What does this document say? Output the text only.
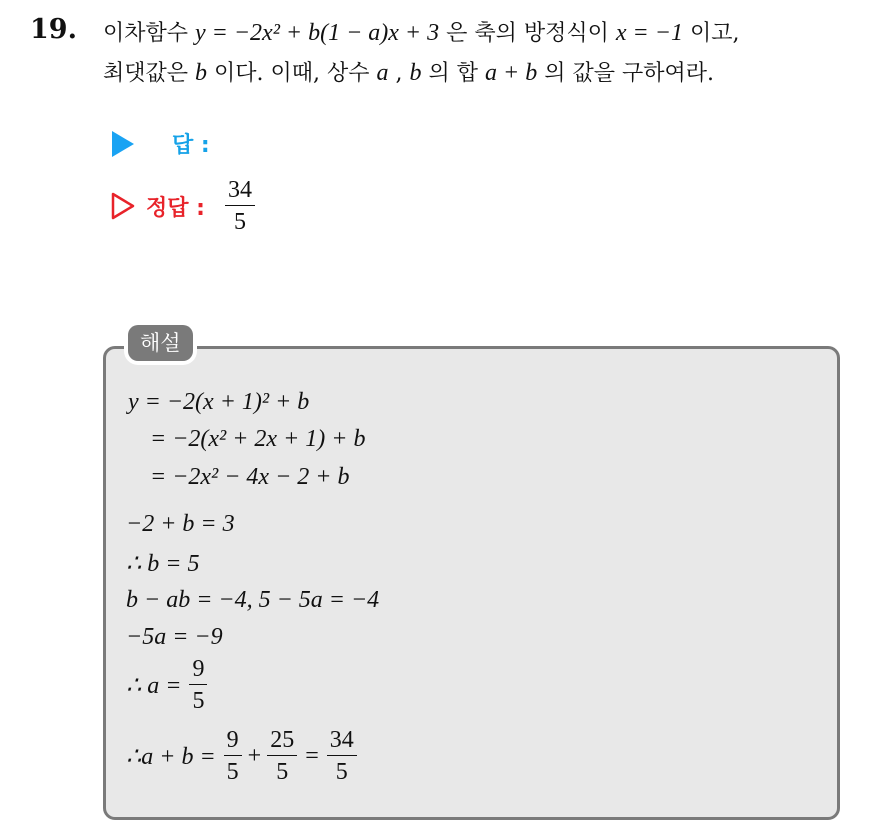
19. 이차함수 y = −2x² + b(1 − a)x + 3 은 축의 방정식이 x = −1 이고,
최댓값은 b 이다. 이때, 상수 a , b 의 합 a + b 의 값을 구하여라.
답 :
정답 : $\frac{34}{5}$
해설
y = −2(x + 1)² + b
= −2(x² + 2x + 1) + b
= −2x² − 4x − 2 + b
−2 + b = 3
∴ b = 5
b − ab = −4, 5 − 5a = −4
−5a = −9
∴ $a = \frac{9}{5}$
∴a + $b = \frac{9}{5} + \frac{25}{5} = \frac{34}{5}$
